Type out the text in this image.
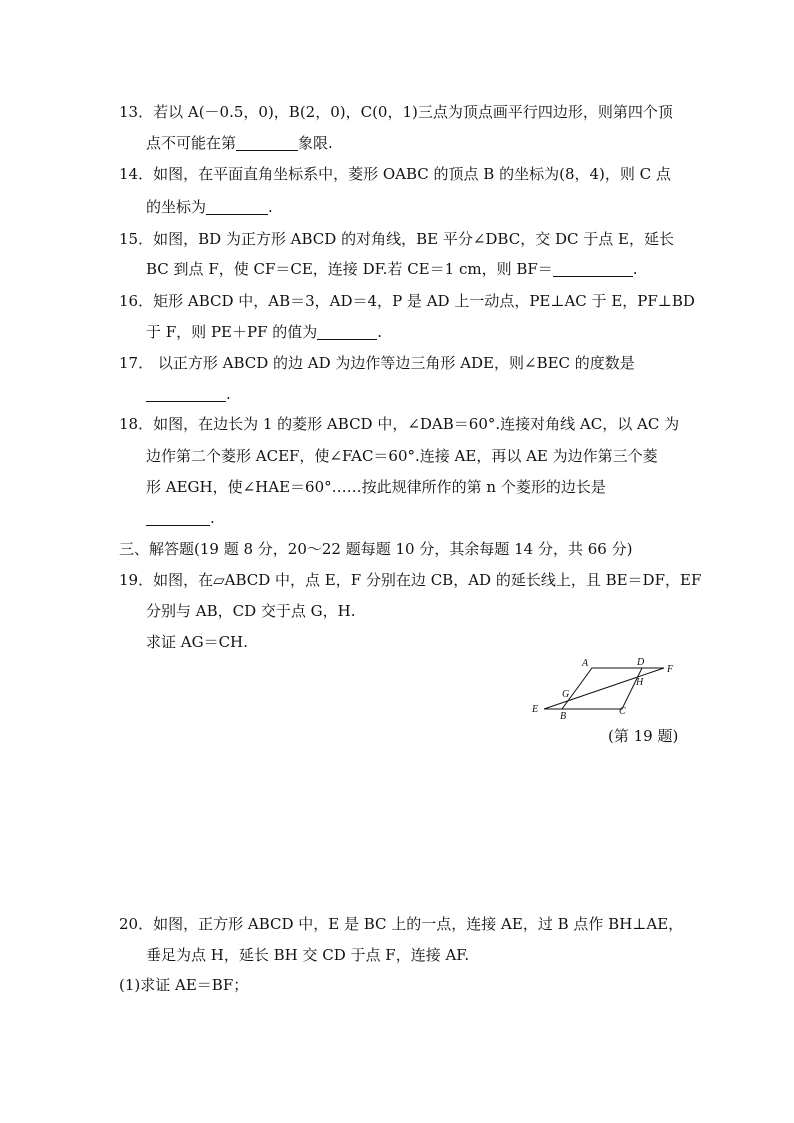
13．若以 A(－0.5，0)，B(2，0)，C(0，1)三点为顶点画平行四边形，则第四个顶
点不可能在第	象限.
14．如图，在平面直角坐标系中，菱形 OABC 的顶点 B 的坐标为(8，4)，则 C 点
的坐标为	.
15．如图，BD 为正方形 ABCD 的对角线，BE 平分∠DBC，交 DC 于点 E，延长
BC 到点 F，使 CF＝CE，连接 DF.若 CE＝1 cm，则 BF＝	.
16．矩形 ABCD 中，AB＝3，AD＝4，P 是 AD 上一动点，PE⊥AC 于 E，PF⊥BD
于 F，则 PE＋PF 的值为	.
17． 以正方形 ABCD 的边 AD 为边作等边三角形 ADE，则∠BEC 的度数是
.
18．如图，在边长为 1 的菱形 ABCD 中，∠DAB＝60°.连接对角线 AC，以 AC 为
边作第二个菱形 ACEF，使∠FAC＝60°.连接 AE，再以 AE 为边作第三个菱
形 AEGH，使∠HAE＝60°……按此规律所作的第 n 个菱形的边长是
.
三、解答题(19 题 8 分，20～22 题每题 10 分，其余每题 14 分，共 66 分)
19．如图，在▱ABCD 中，点 E，F 分别在边 CB，AD 的延长线上，且 BE＝DF，EF
分别与 AB，CD 交于点 G，H.
求证 AG＝CH.
A	D
F
H
G
E
B	C
(第 19 题)
20．如图，正方形 ABCD 中，E 是 BC 上的一点，连接 AE，过 B 点作 BH⊥AE，
垂足为点 H，延长 BH 交 CD 于点 F，连接 AF.
(1)求证 AE＝BF；
